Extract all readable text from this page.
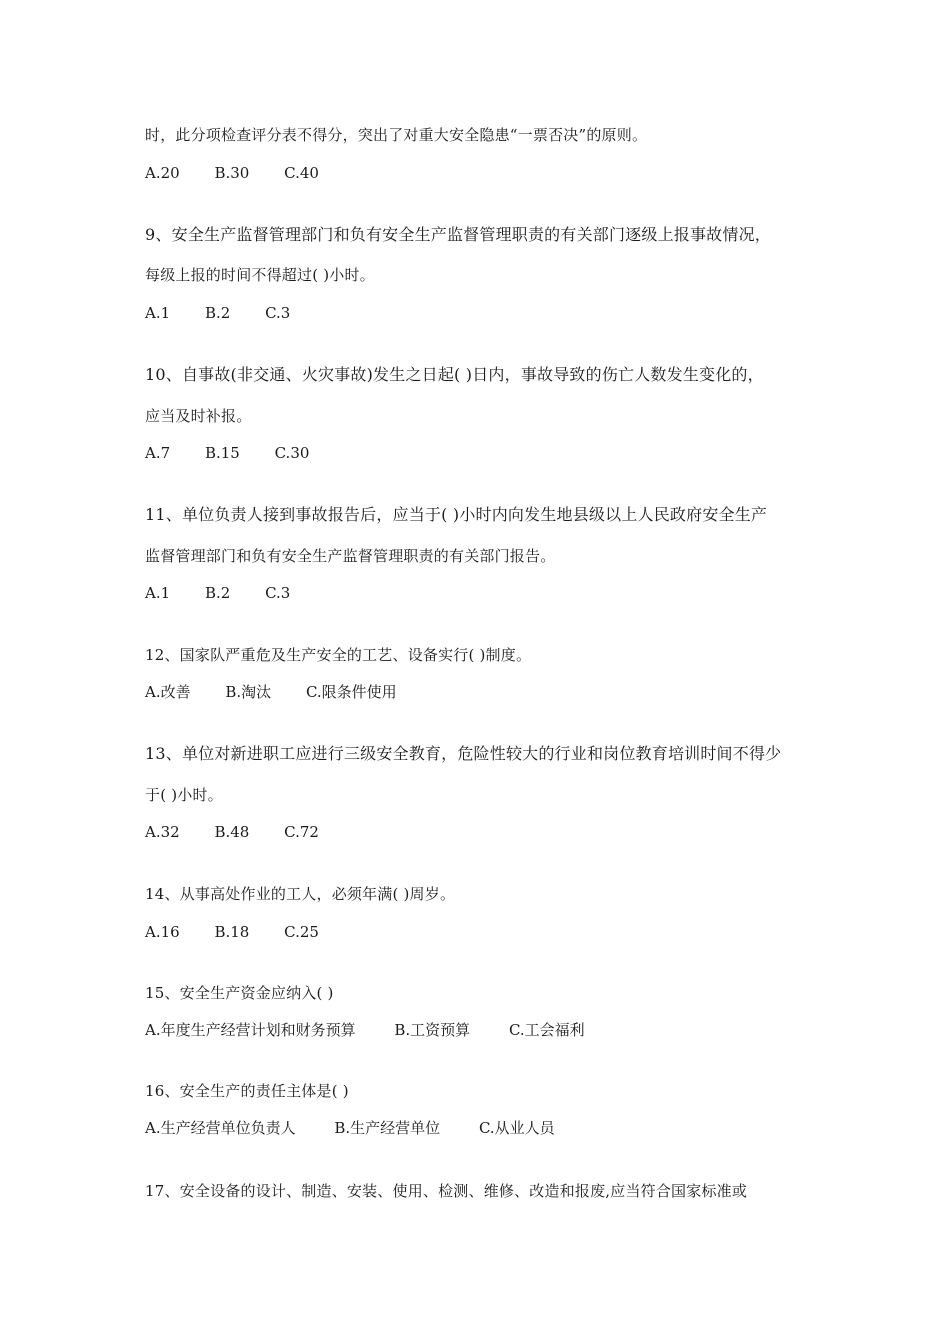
时，此分项检查评分表不得分，突出了对重大安全隐患“一票否决”的原则。
A.20 B.30 C.40
9、安全生产监督管理部门和负有安全生产监督管理职责的有关部门逐级上报事故情况，
每级上报的时间不得超过( )小时。
A.1 B.2 C.3
10、自事故(非交通、火灾事故)发生之日起( )日内，事故导致的伤亡人数发生变化的，
应当及时补报。
A.7 B.15 C.30
11、单位负责人接到事故报告后，应当于( )小时内向发生地县级以上人民政府安全生产
监督管理部门和负有安全生产监督管理职责的有关部门报告。
A.1 B.2 C.3
12、国家队严重危及生产安全的工艺、设备实行( )制度。
A.改善 B.淘汰 C.限条件使用
13、单位对新进职工应进行三级安全教育，危险性较大的行业和岗位教育培训时间不得少
于( )小时。
A.32 B.48 C.72
14、从事高处作业的工人，必须年满( )周岁。
A.16 B.18 C.25
15、安全生产资金应纳入( )
A.年度生产经营计划和财务预算	B.工资预算	C.工会福利
16、安全生产的责任主体是( )
A.生产经营单位负责人	B.生产经营单位	C.从业人员
17、安全设备的设计、制造、安装、使用、检测、维修、改造和报废,应当符合国家标准或
